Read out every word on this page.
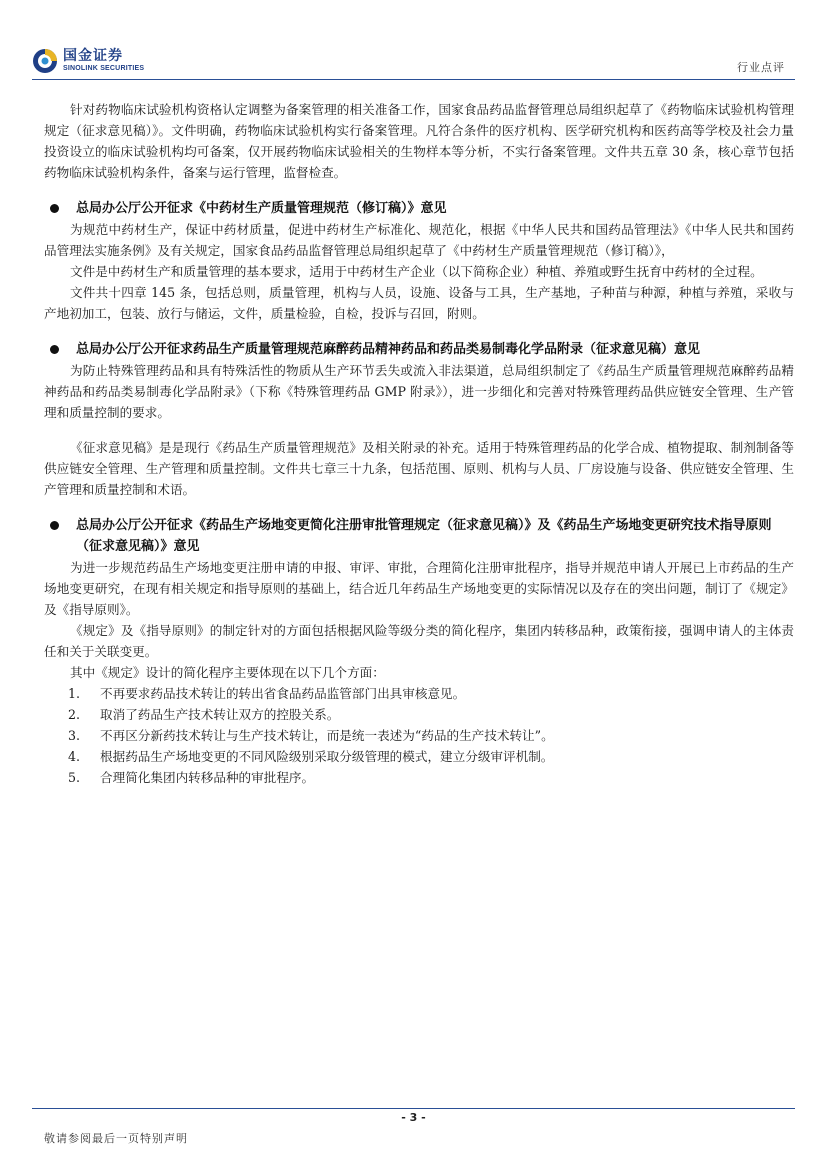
国金证券
SINOLINK SECURITIES	行业点评

针对药物临床试验机构资格认定调整为备案管理的相关准备工作，国家食品药品监督管理总局组织起草了《药物临床试验机构管理规定（征求意见稿）》。文件明确，药物临床试验机构实行备案管理。凡符合条件的医疗机构、医学研究机构和医药高等学校及社会力量投资设立的临床试验机构均可备案，仅开展药物临床试验相关的生物样本等分析，不实行备案管理。文件共五章 30 条，核心章节包括药物临床试验机构条件，备案与运行管理，监督检查。

总局办公厅公开征求《中药材生产质量管理规范（修订稿）》意见

为规范中药材生产，保证中药材质量，促进中药材生产标准化、规范化，根据《中华人民共和国药品管理法》《中华人民共和国药品管理法实施条例》及有关规定，国家食品药品监督管理总局组织起草了《中药材生产质量管理规范（修订稿）》，

文件是中药材生产和质量管理的基本要求，适用于中药材生产企业（以下简称企业）种植、养殖或野生抚育中药材的全过程。

文件共十四章 145 条，包括总则，质量管理，机构与人员，设施、设备与工具，生产基地，子种苗与种源，种植与养殖，采收与产地初加工，包装、放行与储运，文件，质量检验，自检，投诉与召回，附则。

总局办公厅公开征求药品生产质量管理规范麻醉药品精神药品和药品类易制毒化学品附录（征求意见稿）意见

为防止特殊管理药品和具有特殊活性的物质从生产环节丢失或流入非法渠道，总局组织制定了《药品生产质量管理规范麻醉药品精神药品和药品类易制毒化学品附录》（下称《特殊管理药品 GMP 附录》），进一步细化和完善对特殊管理药品供应链安全管理、生产管理和质量控制的要求。

《征求意见稿》是是现行《药品生产质量管理规范》及相关附录的补充。适用于特殊管理药品的化学合成、植物提取、制剂制备等供应链安全管理、生产管理和质量控制。文件共七章三十九条，包括范围、原则、机构与人员、厂房设施与设备、供应链安全管理、生产管理和质量控制和术语。

总局办公厅公开征求《药品生产场地变更简化注册审批管理规定（征求意见稿）》及《药品生产场地变更研究技术指导原则（征求意见稿）》意见

为进一步规范药品生产场地变更注册申请的申报、审评、审批，合理简化注册审批程序，指导并规范申请人开展已上市药品的生产场地变更研究，在现有相关规定和指导原则的基础上，结合近几年药品生产场地变更的实际情况以及存在的突出问题，制订了《规定》及《指导原则》。

《规定》及《指导原则》的制定针对的方面包括根据风险等级分类的简化程序，集团内转移品种，政策衔接，强调申请人的主体责任和关于关联变更。

其中《规定》设计的简化程序主要体现在以下几个方面：

1. 不再要求药品技术转让的转出省食品药品监管部门出具审核意见。
2. 取消了药品生产技术转让双方的控股关系。
3. 不再区分新药技术转让与生产技术转让，而是统一表述为“药品的生产技术转让”。
4. 根据药品生产场地变更的不同风险级别采取分级管理的模式，建立分级审评机制。
5. 合理简化集团内转移品种的审批程序。
- 3 -
敬请参阅最后一页特别声明
